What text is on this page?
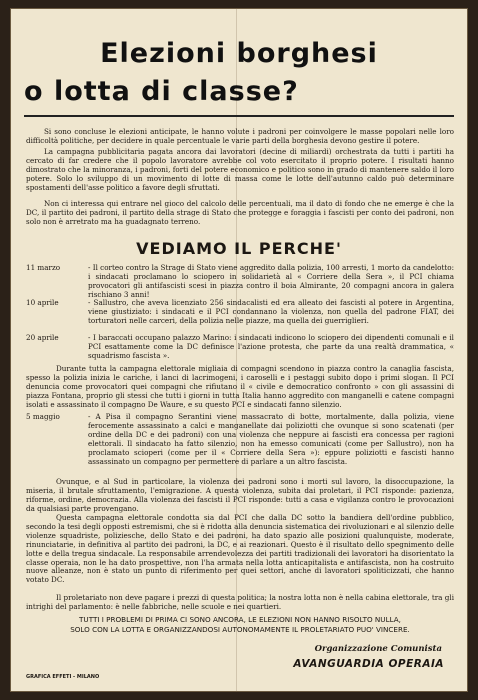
Elezioni borghesi
o lotta di classe?
Si sono concluse le elezioni anticipate, le hanno volute i padroni per coinvolgere le masse popolari nelle loro difficoltà politiche, per decidere in quale percentuale le varie parti della borghesia devono gestire il potere.
La campagna pubblicitaria pagata ancora dai lavoratori (decine di miliardi) orchestrata da tutti i partiti ha cercato di far credere che il popolo lavoratore avrebbe col voto esercitato il proprio potere. I risultati hanno dimostrato che la minoranza, i padroni, forti del potere economico e politico sono in grado di mantenere saldo il loro potere. Solo lo sviluppo di un movimento di lotte di massa come le lotte dell'autunno caldo può determinare spostamenti dell'asse politico a favore degli sfruttati.
Non ci interessa qui entrare nel gioco del calcolo delle percentuali, ma il dato di fondo che ne emerge è che la DC, il partito dei padroni, il partito della strage di Stato che protegge e foraggia i fascisti per conto dei padroni, non solo non è arretrato ma ha guadagnato terreno.
VEDIAMO IL PERCHE'
11 marzo	- Il corteo contro la Strage di Stato viene aggredito dalla polizia, 100 arresti, 1 morto da candelotto: i sindacati proclamano lo sciopero in solidarietà al « Corriere della Sera », il PCI chiama provocatori gli antifascisti scesi in piazza contro il boia Almirante, 20 compagni ancora in galera rischiano 3 anni!
10 aprile	- Sallustro, che aveva licenziato 256 sindacalisti ed era alleato dei fascisti al potere in Argentina, viene giustiziato: i sindacati e il PCI condannano la violenza, non quella del padrone FIAT, dei torturatori nelle carceri, della polizia nelle piazze, ma quella dei guerriglieri.
20 aprile	- I baraccati occupano palazzo Marino: i sindacati indicono lo sciopero dei dipendenti comunali e il PCI esattamente come la DC definisce l'azione protesta, che parte da una realtà drammatica, « squadrismo fascista ».
Durante tutta la campagna elettorale migliaia di compagni scendono in piazza contro la canaglia fascista, spesso la polizia inizia le cariche, i lanci di lacrimogeni, i caroselli e i pestaggi subito dopo i primi slogan. Il PCI denuncia come provocatori quei compagni che rifiutano il « civile e democratico confronto » con gli assassini di piazza Fontana, proprio gli stessi che tutti i giorni in tutta Italia hanno aggredito con manganelli e catene compagni isolati e assassinato il compagno De Waure, e su questo PCI e sindacati fanno silenzio.
5 maggio	- A Pisa il compagno Serantini viene massacrato di botte, mortalmente, dalla polizia, viene ferocemente assassinato a calci e manganellate dai poliziotti che ovunque si sono scatenati (per ordine della DC e dei padroni) con una violenza che neppure ai fascisti era concessa per ragioni elettorali. Il sindacato ha fatto silenzio, non ha emesso comunicati (come per Sallustro), non ha proclamato scioperi (come per il « Corriere della Sera »): eppure poliziotti e fascisti hanno assassinato un compagno per permettere di parlare a un altro fascista.
Ovunque, e al Sud in particolare, la violenza dei padroni sono i morti sul lavoro, la disoccupazione, la miseria, il brutale sfruttamento, l'emigrazione. A questa violenza, subita dai proletari, il PCI risponde: pazienza, riforme, ordine, democrazia. Alla violenza dei fascisti il PCI risponde: tutti a casa e vigilanza contro le provocazioni da qualsiasi parte provengano.
Questa campagna elettorale condotta sia dal PCI che dalla DC sotto la bandiera dell'ordine pubblico, secondo la tesi degli opposti estremismi, che si è ridotta alla denuncia sistematica dei rivoluzionari e al silenzio delle violenze squadriste, poliziesche, dello Stato e dei padroni, ha dato spazio alle posizioni qualunquiste, moderate, rinunciatarie, in definitiva al partito dei padroni, la DC, e ai reazionari. Questo è il risultato dello spegnimento delle lotte e della tregua sindacale. La responsabile arrendevolezza dei partiti tradizionali dei lavoratori ha disorientato la classe operaia, non le ha dato prospettive, non l'ha armata nella lotta anticapitalista e antifascista, non ha costruito nuove alleanze, non è stato un punto di riferimento per quei settori, anche di lavoratori spoliticizzati, che hanno votato DC.
Il proletariato non deve pagare i prezzi di questa politica; la nostra lotta non è nella cabina elettorale, tra gli intrighi del parlamento: è nelle fabbriche, nelle scuole e nei quartieri.
TUTTI I PROBLEMI DI PRIMA CI SONO ANCORA, LE ELEZIONI NON HANNO RISOLTO NULLA,
SOLO CON LA LOTTA E ORGANIZZANDOSI AUTONOMAMENTE IL PROLETARIATO PUO' VINCERE.
Organizzazione Comunista
AVANGUARDIA OPERAIA
GRAFICA EFFETI - MILANO
